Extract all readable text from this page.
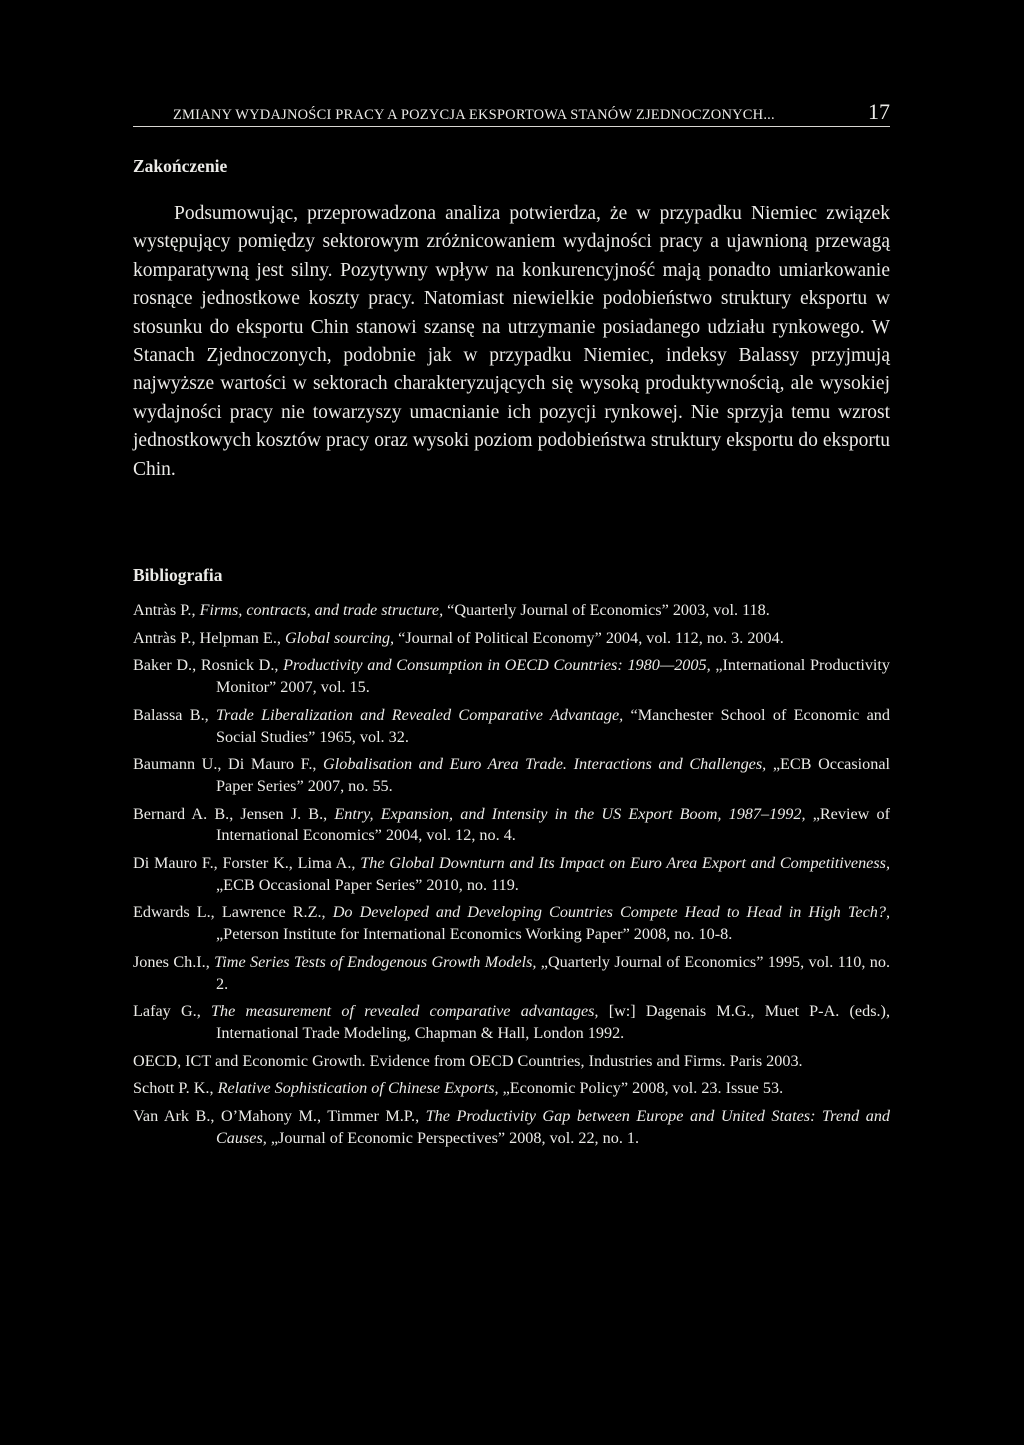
ZMIANY WYDAJNOŚCI PRACY A POZYCJA EKSPORTOWA STANÓW ZJEDNOCZONYCH...	17
Zakończenie

Podsumowując, przeprowadzona analiza potwierdza, że w przypadku Niemiec związek występujący pomiędzy sektorowym zróżnicowaniem wydajności pracy a ujawnioną przewagą komparatywną jest silny. Pozytywny wpływ na konkurencyjność mają ponadto umiarkowanie rosnące jednostkowe koszty pracy. Natomiast niewielkie podobieństwo struktury eksportu w stosunku do eksportu Chin stanowi szansę na utrzymanie posiadanego udziału rynkowego. W Stanach Zjednoczonych, podobnie jak w przypadku Niemiec, indeksy Balassy przyjmują najwyższe wartości w sektorach charakteryzujących się wysoką produktywnością, ale wysokiej wydajności pracy nie towarzyszy umacnianie ich pozycji rynkowej. Nie sprzyja temu wzrost jednostkowych kosztów pracy oraz wysoki poziom podobieństwa struktury eksportu do eksportu Chin.

Bibliografia
Antràs P., Firms, contracts, and trade structure, “Quarterly Journal of Economics” 2003, vol. 118.
Antràs P., Helpman E., Global sourcing, “Journal of Political Economy” 2004, vol. 112, no. 3. 2004.
Baker D., Rosnick D., Productivity and Consumption in OECD Countries: 1980—2005, „International Productivity Monitor” 2007, vol. 15.
Balassa B., Trade Liberalization and Revealed Comparative Advantage, “Manchester School of Economic and Social Studies” 1965, vol. 32.
Baumann U., Di Mauro F., Globalisation and Euro Area Trade. Interactions and Challenges, „ECB Occasional Paper Series” 2007, no. 55.
Bernard A. B., Jensen J. B., Entry, Expansion, and Intensity in the US Export Boom, 1987–1992, „Review of International Economics” 2004, vol. 12, no. 4.
Di Mauro F., Forster K., Lima A., The Global Downturn and Its Impact on Euro Area Export and Competitiveness, „ECB Occasional Paper Series” 2010, no. 119.
Edwards L., Lawrence R.Z., Do Developed and Developing Countries Compete Head to Head in High Tech?, „Peterson Institute for International Economics Working Paper” 2008, no. 10-8.
Jones Ch.I., Time Series Tests of Endogenous Growth Models, „Quarterly Journal of Economics” 1995, vol. 110, no. 2.
Lafay G., The measurement of revealed comparative advantages, [w:] Dagenais M.G., Muet P-A. (eds.), International Trade Modeling, Chapman & Hall, London 1992.
OECD, ICT and Economic Growth. Evidence from OECD Countries, Industries and Firms. Paris 2003.
Schott P. K., Relative Sophistication of Chinese Exports, „Economic Policy” 2008, vol. 23. Issue 53.
Van Ark B., O’Mahony M., Timmer M.P., The Productivity Gap between Europe and United States: Trend and Causes, „Journal of Economic Perspectives” 2008, vol. 22, no. 1.
